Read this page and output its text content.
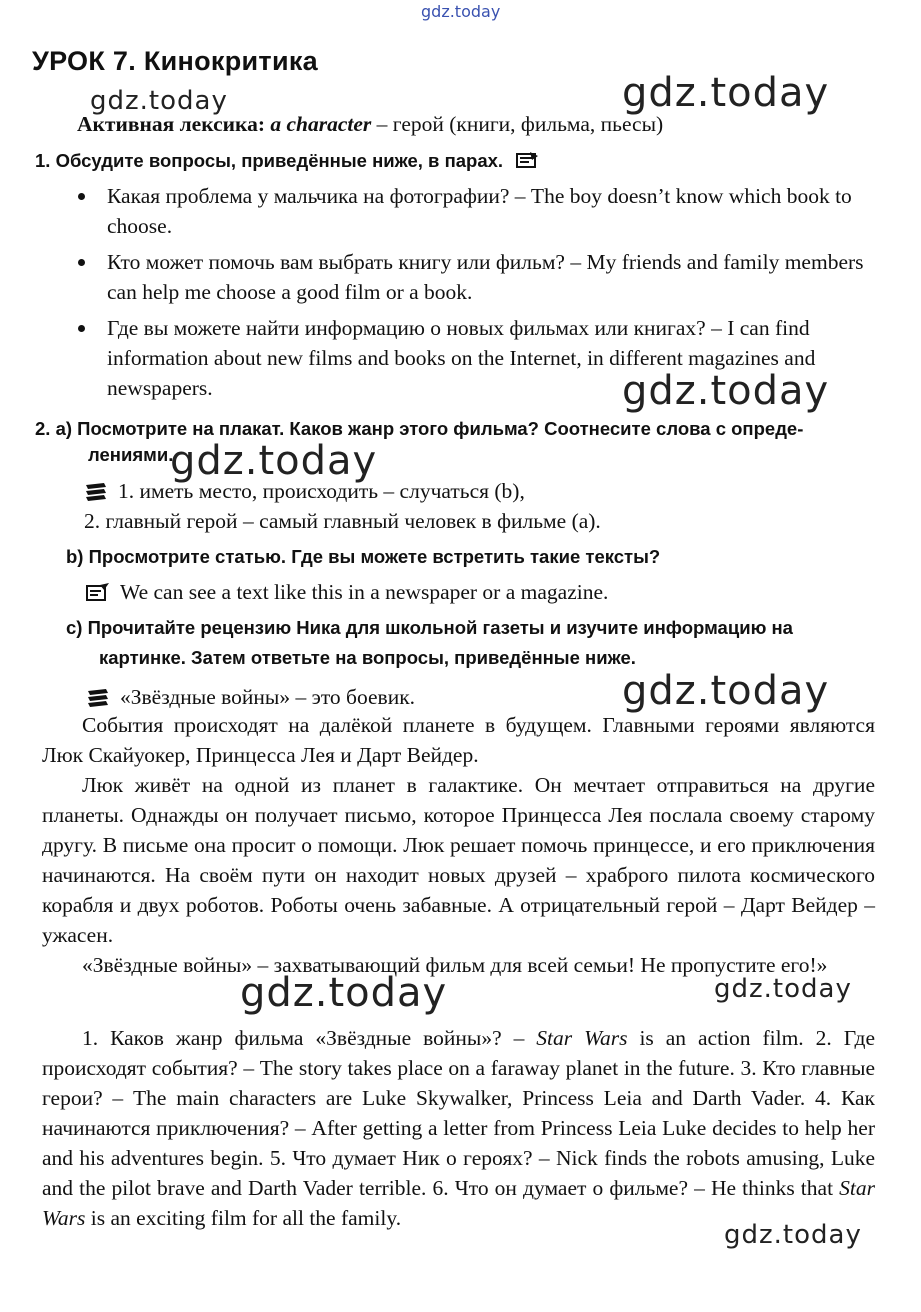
gdz.today
gdz.today	gdz.today
gdz.today
gdz.today
gdz.today
gdz.today	gdz.today
gdz.today
УРОК 7. Кинокритика
Активная лексика: a character – герой (книги, фильма, пьесы)
1. Обсудите вопросы, приведённые ниже, в парах.
Какая проблема у мальчика на фотографии? – The boy doesn’t know which book to choose.
Кто может помочь вам выбрать книгу или фильм? – My friends and family members can help me choose a good film or a book.
Где вы можете найти информацию о новых фильмах или книгах? – I can find information about new films and books on the Internet, in different magazines and newspapers.
2. a) Посмотрите на плакат. Каков жанр этого фильма? Соотнесите слова с опреде-
лениями.
1. иметь место, происходить – случаться (b),
2. главный герой – самый главный человек в фильме (a).
b) Просмотрите статью. Где вы можете встретить такие тексты?
We can see a text like this in a newspaper or a magazine.
c) Прочитайте рецензию Ника для школьной газеты и изучите информацию на
картинке. Затем ответьте на вопросы, приведённые ниже.
«Звёздные войны» – это боевик.
События происходят на далёкой планете в будущем. Главными героями являются Люк Скайуокер, Принцесса Лея и Дарт Вейдер.
Люк живёт на одной из планет в галактике. Он мечтает отправиться на другие планеты. Однажды он получает письмо, которое Принцесса Лея послала своему старому другу. В письме она просит о помощи. Люк решает помочь принцессе, и его приключения начинаются. На своём пути он находит новых друзей – храброго пилота космического корабля и двух роботов. Роботы очень забавные. А отрицательный герой – Дарт Вейдер – ужасен.
«Звёздные войны» – захватывающий фильм для всей семьи! Не пропустите его!»
1. Каков жанр фильма «Звёздные войны»? – Star Wars is an action film. 2. Где происходят события? – The story takes place on a faraway planet in the future. 3. Кто главные герои? – The main characters are Luke Skywalker, Princess Leia and Darth Vader. 4. Как начинаются приключения? – After getting a letter from Princess Leia Luke decides to help her and his adventures begin. 5. Что думает Ник о героях? – Nick finds the robots amusing, Luke and the pilot brave and Darth Vader terrible. 6. Что он думает о фильме? – He thinks that Star Wars is an exciting film for all the family.
